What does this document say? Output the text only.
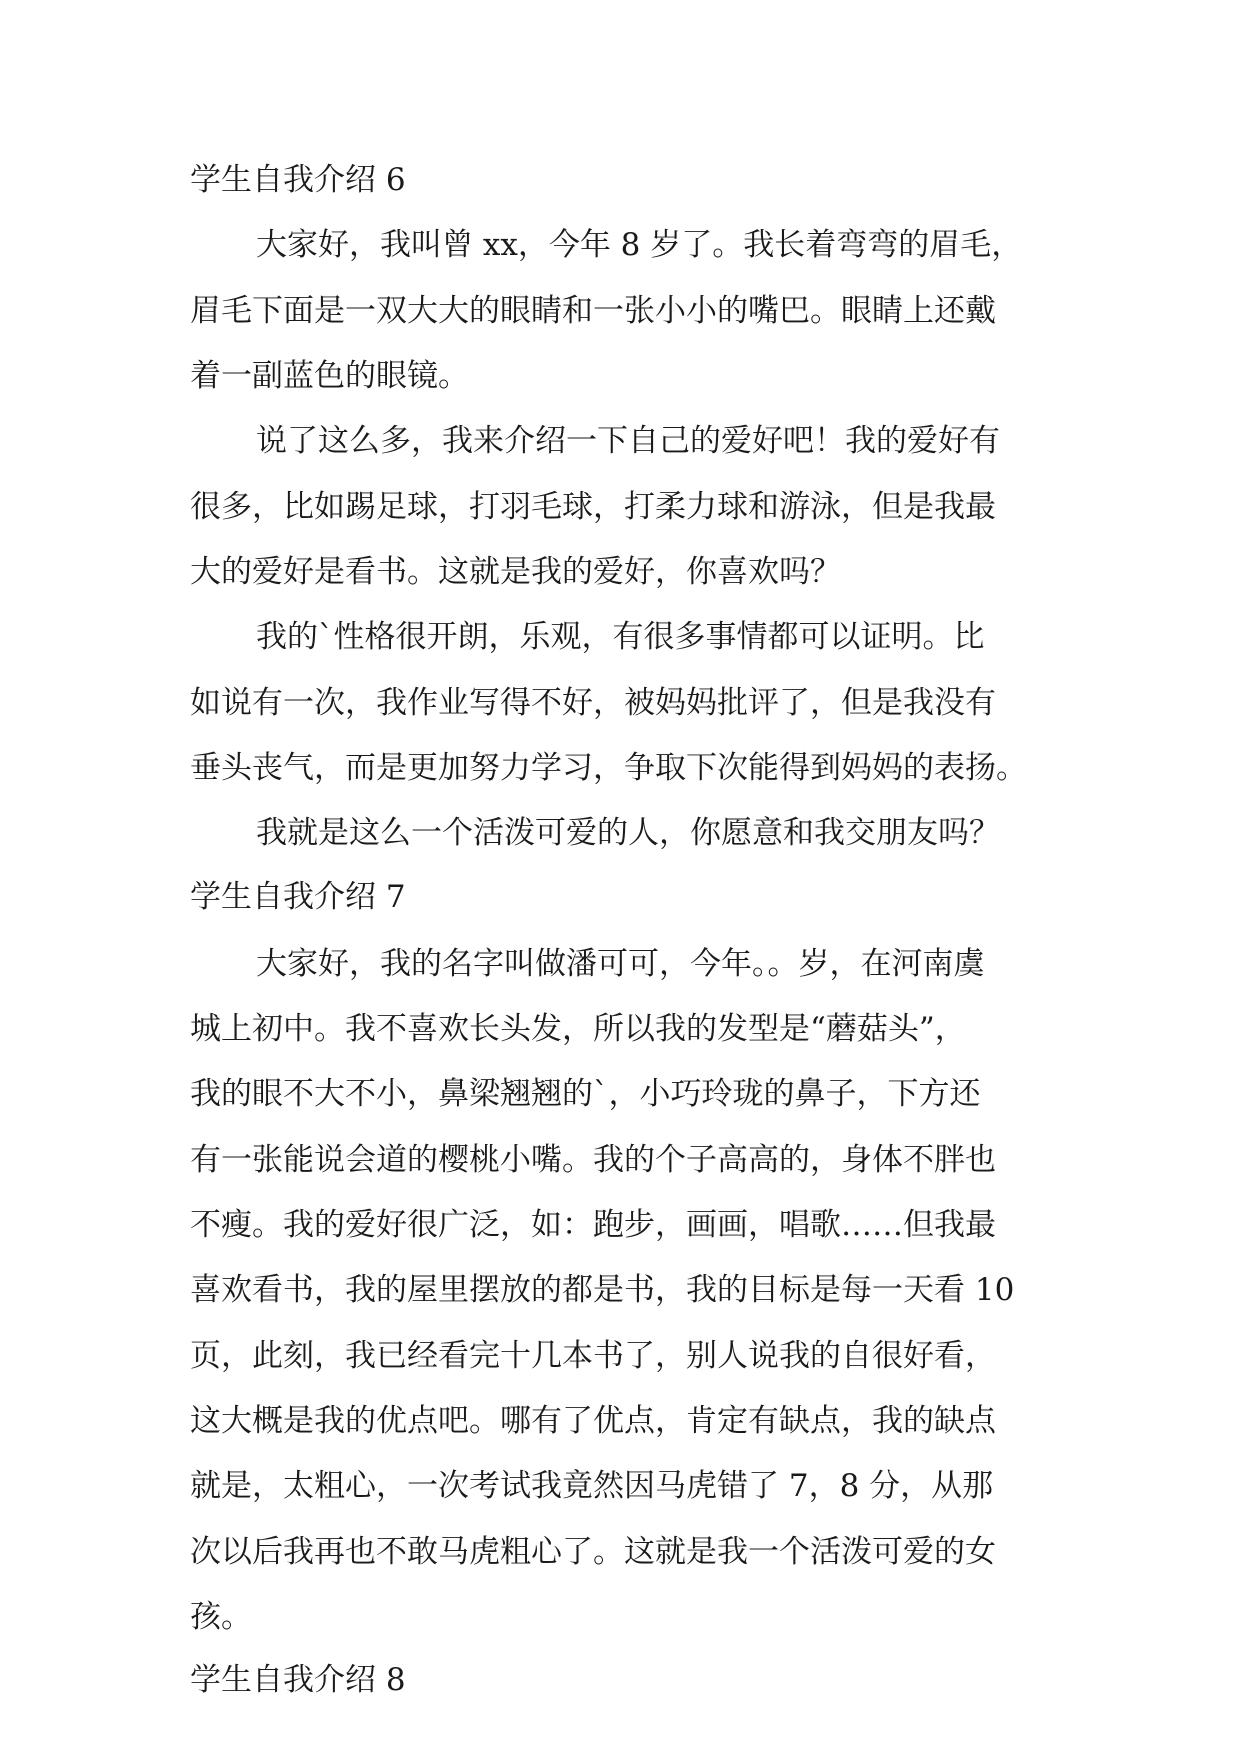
学生自我介绍 6
大家好，我叫曾 xx，今年 8 岁了。我长着弯弯的眉毛，
眉毛下面是一双大大的眼睛和一张小小的嘴巴。眼睛上还戴
着一副蓝色的眼镜。
说了这么多，我来介绍一下自己的爱好吧！我的爱好有
很多，比如踢足球，打羽毛球，打柔力球和游泳，但是我最
大的爱好是看书。这就是我的爱好，你喜欢吗？
我的`性格很开朗，乐观，有很多事情都可以证明。比
如说有一次，我作业写得不好，被妈妈批评了，但是我没有
垂头丧气，而是更加努力学习，争取下次能得到妈妈的表扬。
我就是这么一个活泼可爱的人，你愿意和我交朋友吗？
学生自我介绍 7
大家好，我的名字叫做潘可可，今年。。岁，在河南虞
城上初中。我不喜欢长头发，所以我的发型是“蘑菇头”，
我的眼不大不小，鼻梁翘翘的`，小巧玲珑的鼻子，下方还
有一张能说会道的樱桃小嘴。我的个子高高的，身体不胖也
不瘦。我的爱好很广泛，如：跑步，画画，唱歌……但我最
喜欢看书，我的屋里摆放的都是书，我的目标是每一天看 10
页，此刻，我已经看完十几本书了，别人说我的自很好看，
这大概是我的优点吧。哪有了优点，肯定有缺点，我的缺点
就是，太粗心，一次考试我竟然因马虎错了 7，8 分，从那
次以后我再也不敢马虎粗心了。这就是我一个活泼可爱的女
孩。
学生自我介绍 8
